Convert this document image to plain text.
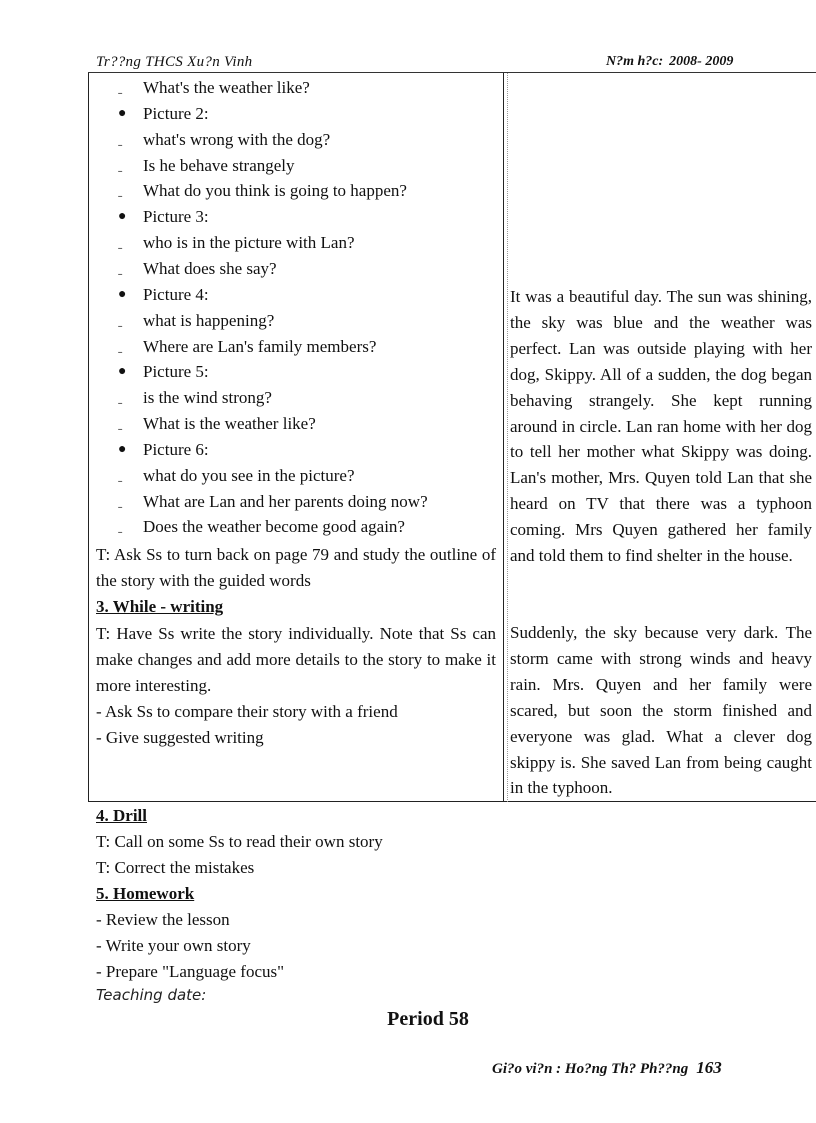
Tr??ng THCS Xu?n Vinh	N?m h?c: 2008- 2009
ˍ What's the weather like?
● Picture 2:
ˍ what's wrong with the dog?
ˍ Is he behave strangely
ˍ What do you think is going to happen?
● Picture 3:
ˍ who is in the picture with Lan?
ˍ What does she say?
● Picture 4:
ˍ what is happening?
ˍ Where are Lan's family members?
● Picture 5:
ˍ is the wind strong?
ˍ What is the weather like?
● Picture 6:
ˍ what do you see in the picture?
ˍ What are Lan and her parents doing now?
ˍ Does the weather become good again?
T: Ask Ss to turn back on page 79 and study the outline of the story with the guided words
3. While - writing
T: Have Ss write the story individually. Note that Ss can make changes and add more details to the story to make it more interesting.
- Ask Ss to compare their story with a friend
- Give suggested writing
It was a beautiful day. The sun was shining, the sky was blue and the weather was perfect. Lan was outside playing with her dog, Skippy. All of a sudden, the dog began behaving strangely. She kept running around in circle. Lan ran home with her dog to tell her mother what Skippy was doing. Lan's mother, Mrs. Quyen told Lan that she heard on TV that there was a typhoon coming. Mrs Quyen gathered her family and told them to find shelter in the house.
Suddenly, the sky because very dark. The storm came with strong winds and heavy rain. Mrs. Quyen and her family were scared, but soon the storm finished and everyone was glad. What a clever dog skippy is. She saved Lan from being caught in the typhoon.
4. Drill
T: Call on some Ss to read their own story
T: Correct the mistakes
5. Homework
- Review the lesson
- Write your own story
- Prepare "Language focus"
Teaching date:
Period 58
Gi?o vi?n : Ho?ng Th? Ph??ng 163
